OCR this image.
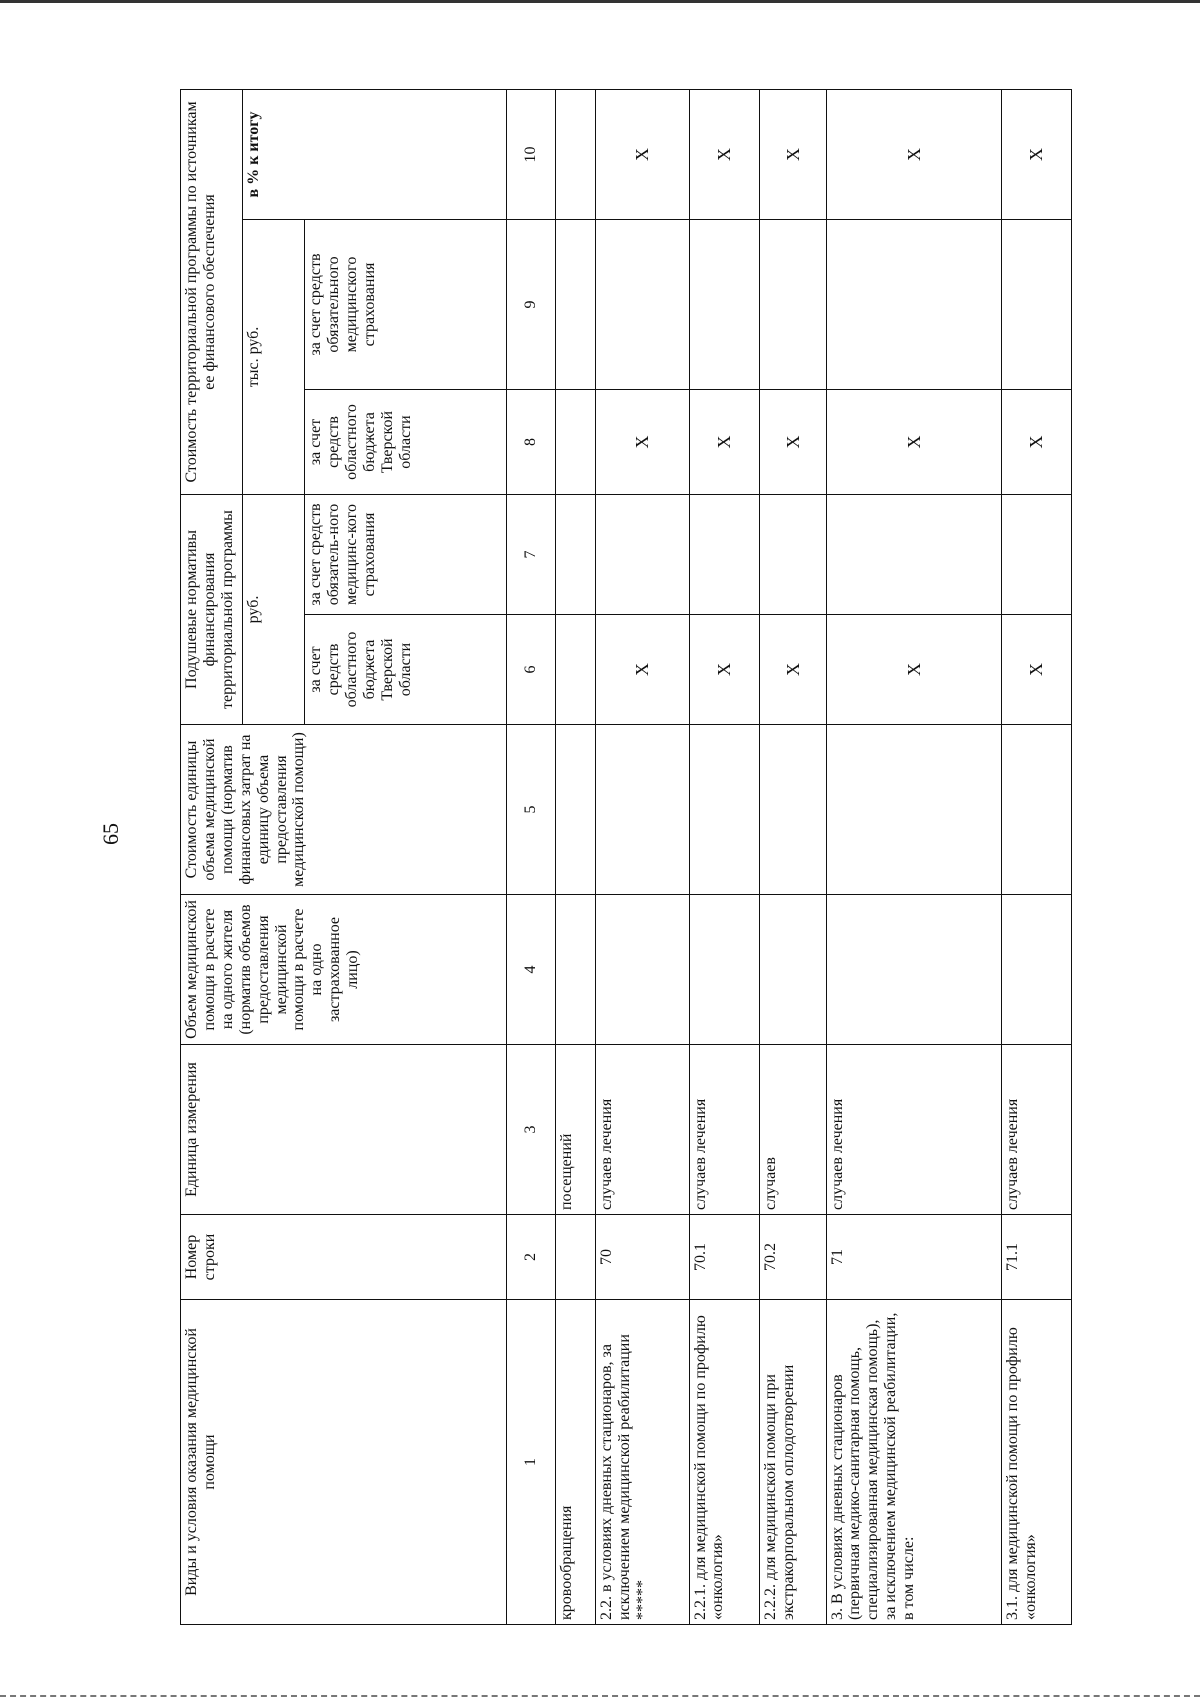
65
Виды и условия оказания медицинской помощи	Номер строки	Единица измерения	Объем медицинской помощи в расчете на одного жителя (норматив объемов предоставления медицинской помощи в расчете на одно застрахованное лицо)	Стоимость единицы объема медицинской помощи (норматив финансовых затрат на единицу объема предоставления медицинской помощи)	Подушевые нормативы финансирования территориальной программы		Стоимость территориальной программы по источникам ее финансового обеспечения		
					руб.		тыс. руб.		в % к итогу
					за счет средств областного бюджета Тверской области	за счет средств обязатель-ного медицинс-кого страхования	за счет средств областного бюджета Тверской области	за счет средств обязательного медицинского страхования	
1	2	3	4	5	6	7	8	9	10
кровообращения		посещений							
2.2. в условиях дневных стационаров, за исключением медицинской реабилитации *****	70	случаев лечения			X		X		X
2.2.1. для медицинской помощи по профилю «онкология»	70.1	случаев лечения			X		X		X
2.2.2. для медицинской помощи при экстракорпоральном оплодотворении	70.2	случаев			X		X		X
3. В условиях дневных стационаров (первичная медико-санитарная помощь, специализированная медицинская помощь), за исключением медицинской реабилитации, в том числе:	71	случаев лечения			X		X		X
3.1. для медицинской помощи по профилю «онкология»	71.1	случаев лечения			X		X		X
